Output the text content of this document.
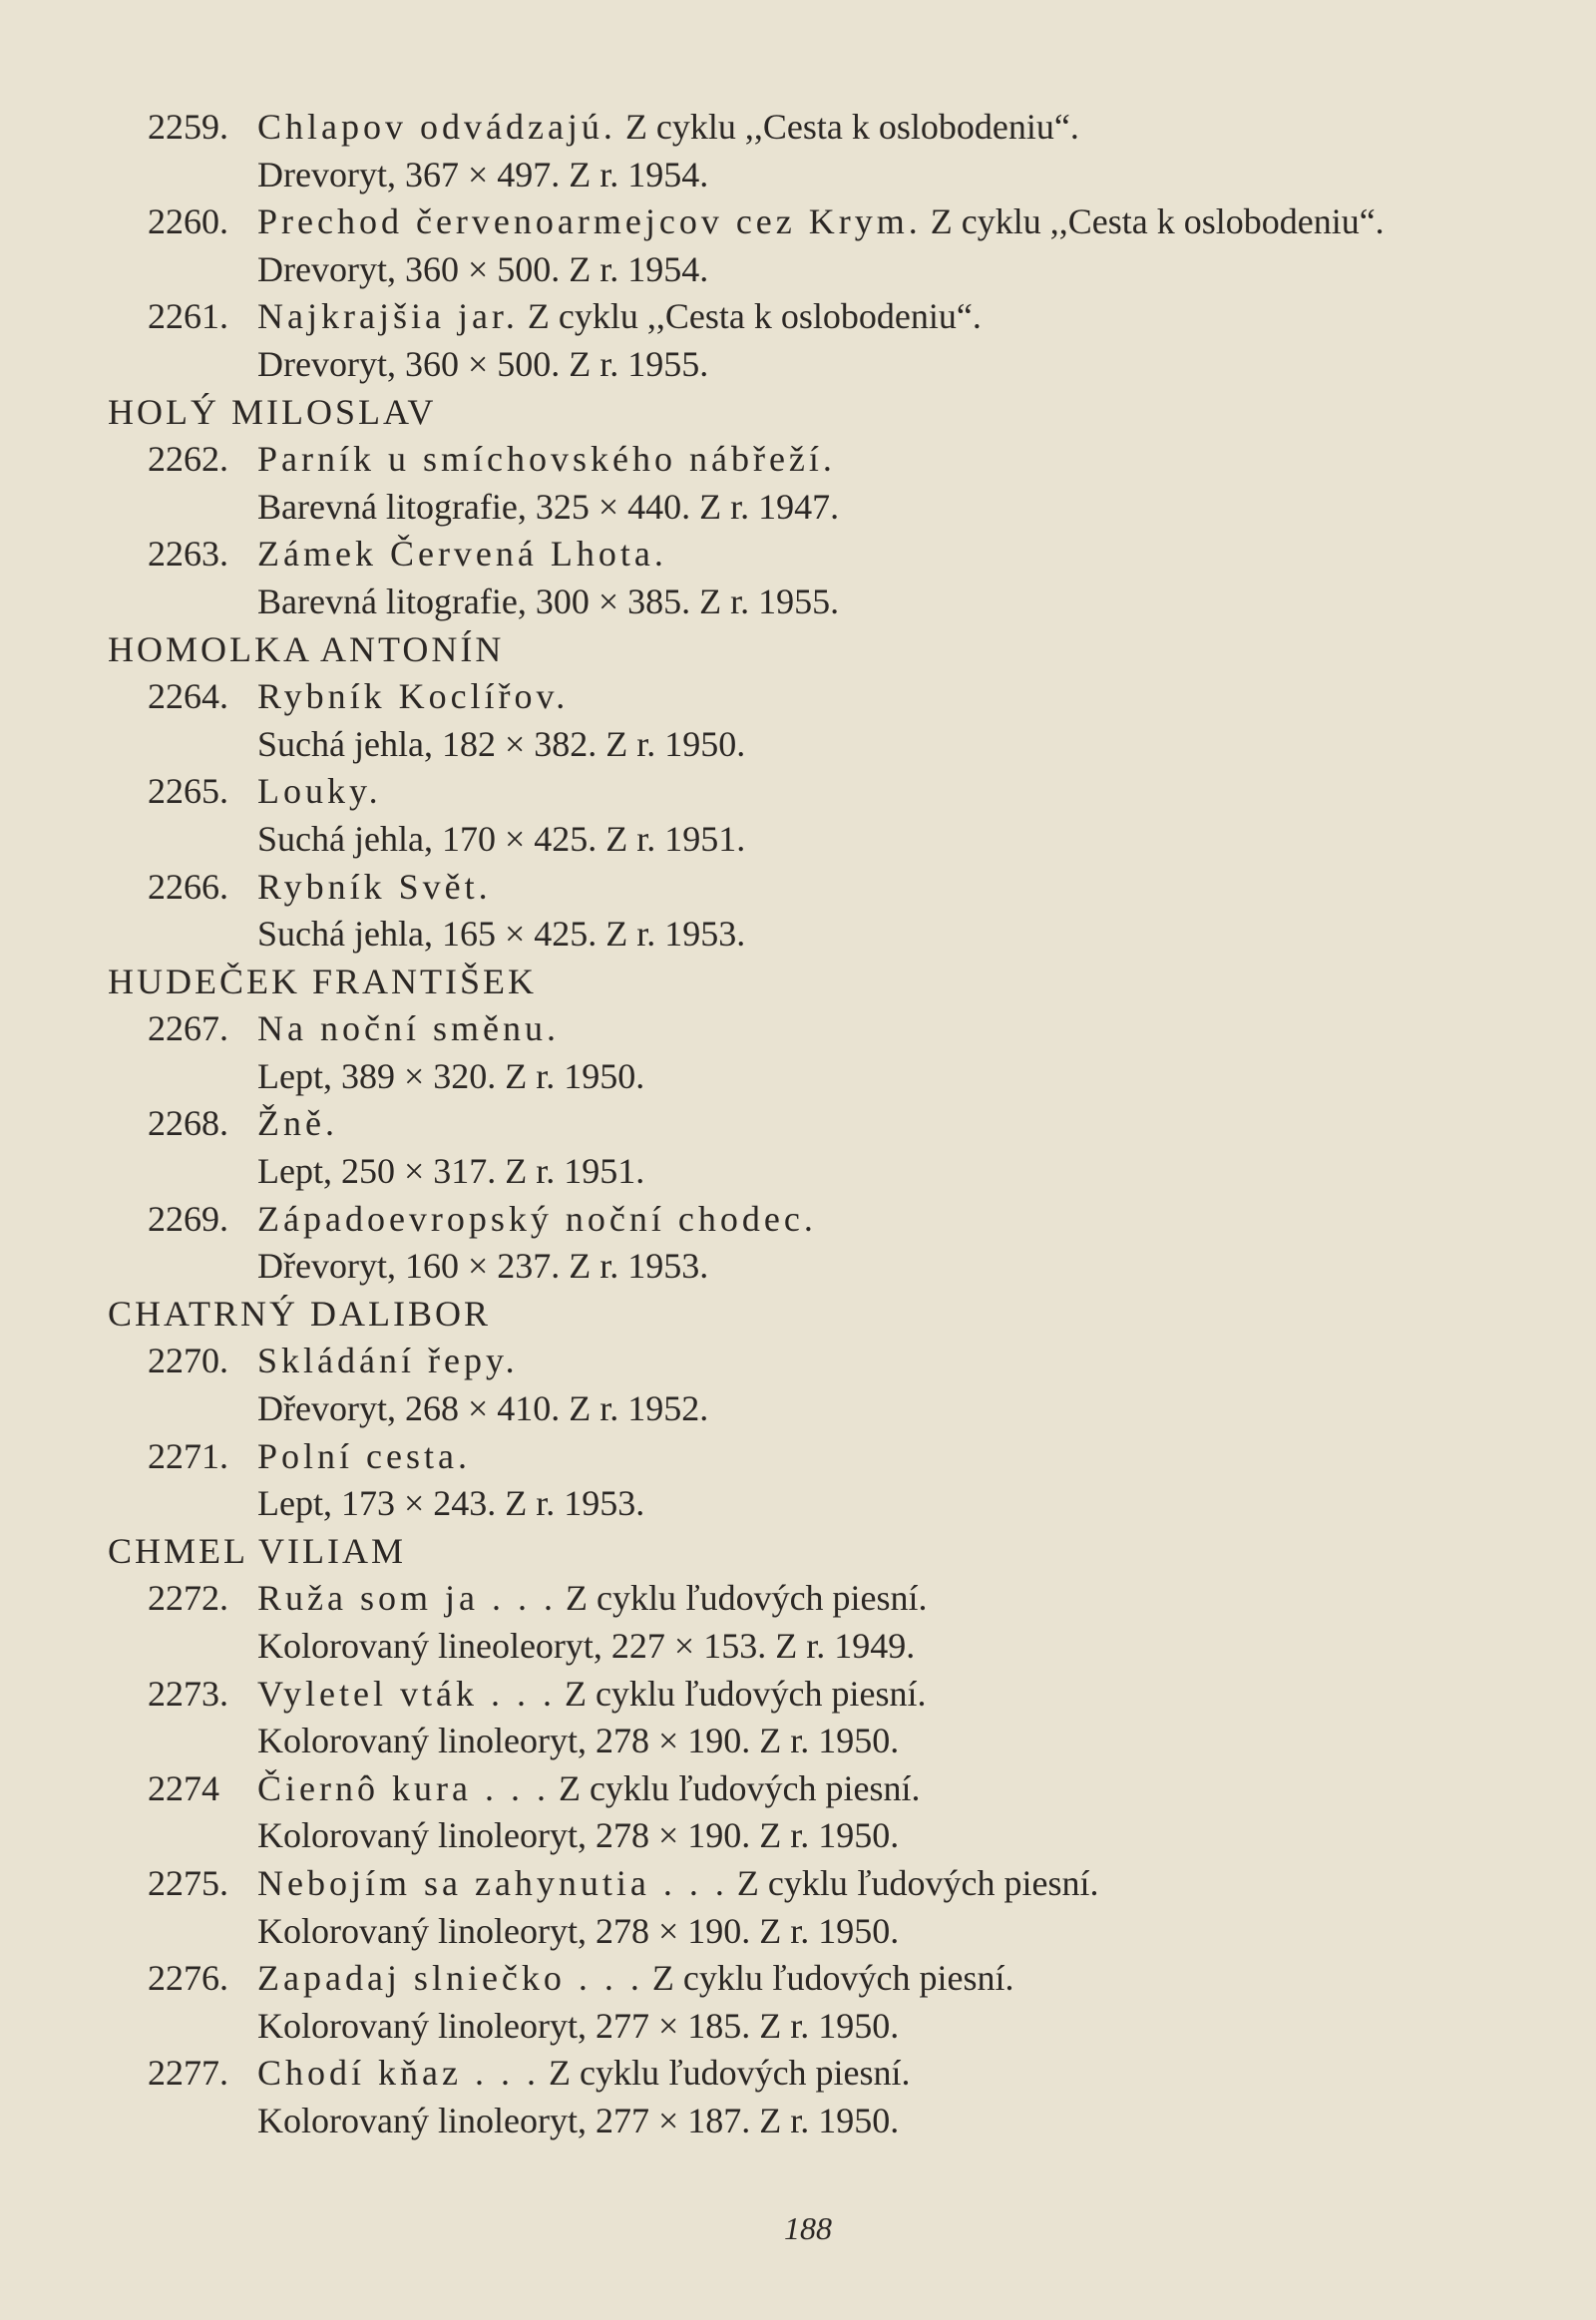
2259. Chlapov odvádzajú. Z cyklu ,,Cesta k oslobodeniu“.
Drevoryt, 367 × 497. Z r. 1954.
2260. Prechod červenoarmejcov cez Krym. Z cyklu ,,Cesta k oslobodeniu“.
Drevoryt, 360 × 500. Z r. 1954.
2261. Najkrajšia jar. Z cyklu ,,Cesta k oslobodeniu“.
Drevoryt, 360 × 500. Z r. 1955.
HOLÝ MILOSLAV
2262. Parník u smíchovského nábřeží.
Barevná litografie, 325 × 440. Z r. 1947.
2263. Zámek Červená Lhota.
Barevná litografie, 300 × 385. Z r. 1955.
HOMOLKA ANTONÍN
2264. Rybník Koclířov.
Suchá jehla, 182 × 382. Z r. 1950.
2265. Louky.
Suchá jehla, 170 × 425. Z r. 1951.
2266. Rybník Svět.
Suchá jehla, 165 × 425. Z r. 1953.
HUDEČEK FRANTIŠEK
2267. Na noční směnu.
Lept, 389 × 320. Z r. 1950.
2268. Žně.
Lept, 250 × 317. Z r. 1951.
2269. Západoevropský noční chodec.
Dřevoryt, 160 × 237. Z r. 1953.
CHATRNÝ DALIBOR
2270. Skládání řepy.
Dřevoryt, 268 × 410. Z r. 1952.
2271. Polní cesta.
Lept, 173 × 243. Z r. 1953.
CHMEL VILIAM
2272. Ruža som ja . . . Z cyklu ľudových piesní.
Kolorovaný lineoleoryt, 227 × 153. Z r. 1949.
2273. Vyletel vták . . . Z cyklu ľudových piesní.
Kolorovaný linoleoryt, 278 × 190. Z r. 1950.
2274 Čiernô kura . . . Z cyklu ľudových piesní.
Kolorovaný linoleoryt, 278 × 190. Z r. 1950.
2275. Nebojím sa zahynutia . . . Z cyklu ľudových piesní.
Kolorovaný linoleoryt, 278 × 190. Z r. 1950.
2276. Zapadaj slniečko . . . Z cyklu ľudových piesní.
Kolorovaný linoleoryt, 277 × 185. Z r. 1950.
2277. Chodí kňaz . . . Z cyklu ľudových piesní.
Kolorovaný linoleoryt, 277 × 187. Z r. 1950.
188
